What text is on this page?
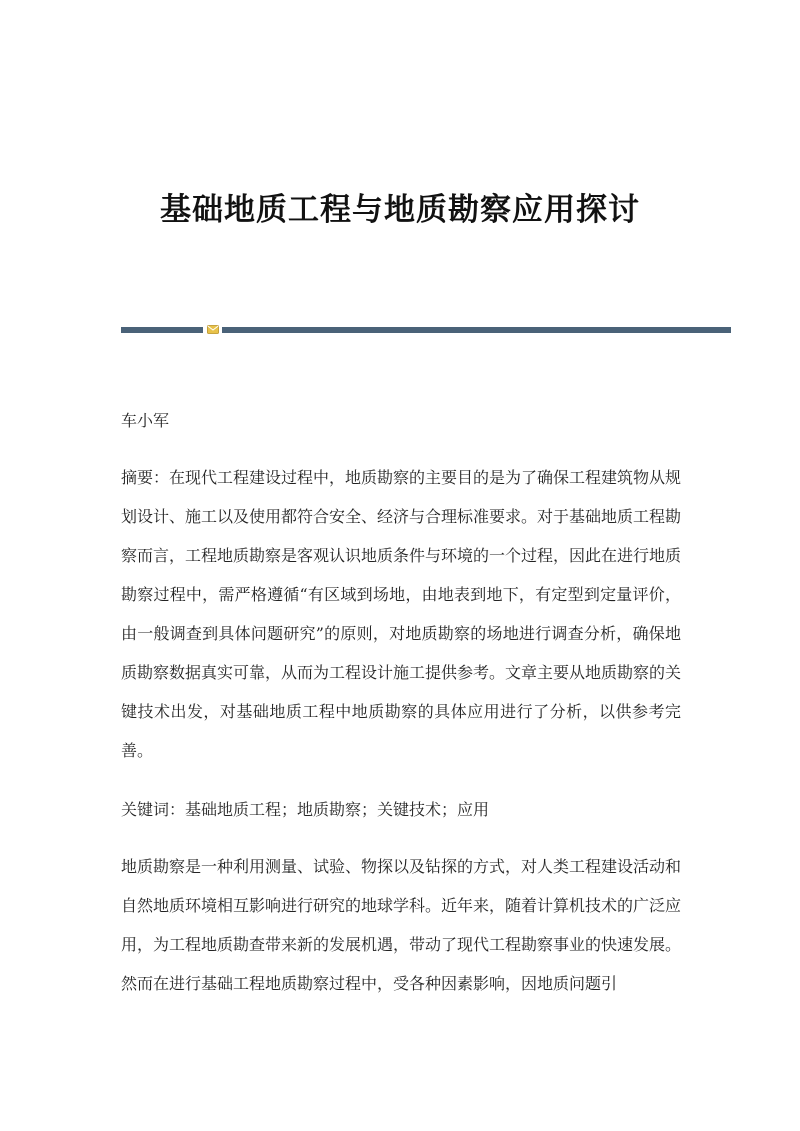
基础地质工程与地质勘察应用探讨
车小军
摘要：在现代工程建设过程中，地质勘察的主要目的是为了确保工程建筑物从规划设计、施工以及使用都符合安全、经济与合理标准要求。对于基础地质工程勘察而言，工程地质勘察是客观认识地质条件与环境的一个过程，因此在进行地质勘察过程中，需严格遵循“有区域到场地，由地表到地下，有定型到定量评价，由一般调查到具体问题研究”的原则，对地质勘察的场地进行调查分析，确保地质勘察数据真实可靠，从而为工程设计施工提供参考。文章主要从地质勘察的关键技术出发，对基础地质工程中地质勘察的具体应用进行了分析，以供参考完善。
关键词：基础地质工程；地质勘察；关键技术；应用
地质勘察是一种利用测量、试验、物探以及钻探的方式，对人类工程建设活动和自然地质环境相互影响进行研究的地球学科。近年来，随着计算机技术的广泛应用，为工程地质勘查带来新的发展机遇，带动了现代工程勘察事业的快速发展。然而在进行基础工程地质勘察过程中，受各种因素影响，因地质问题引
